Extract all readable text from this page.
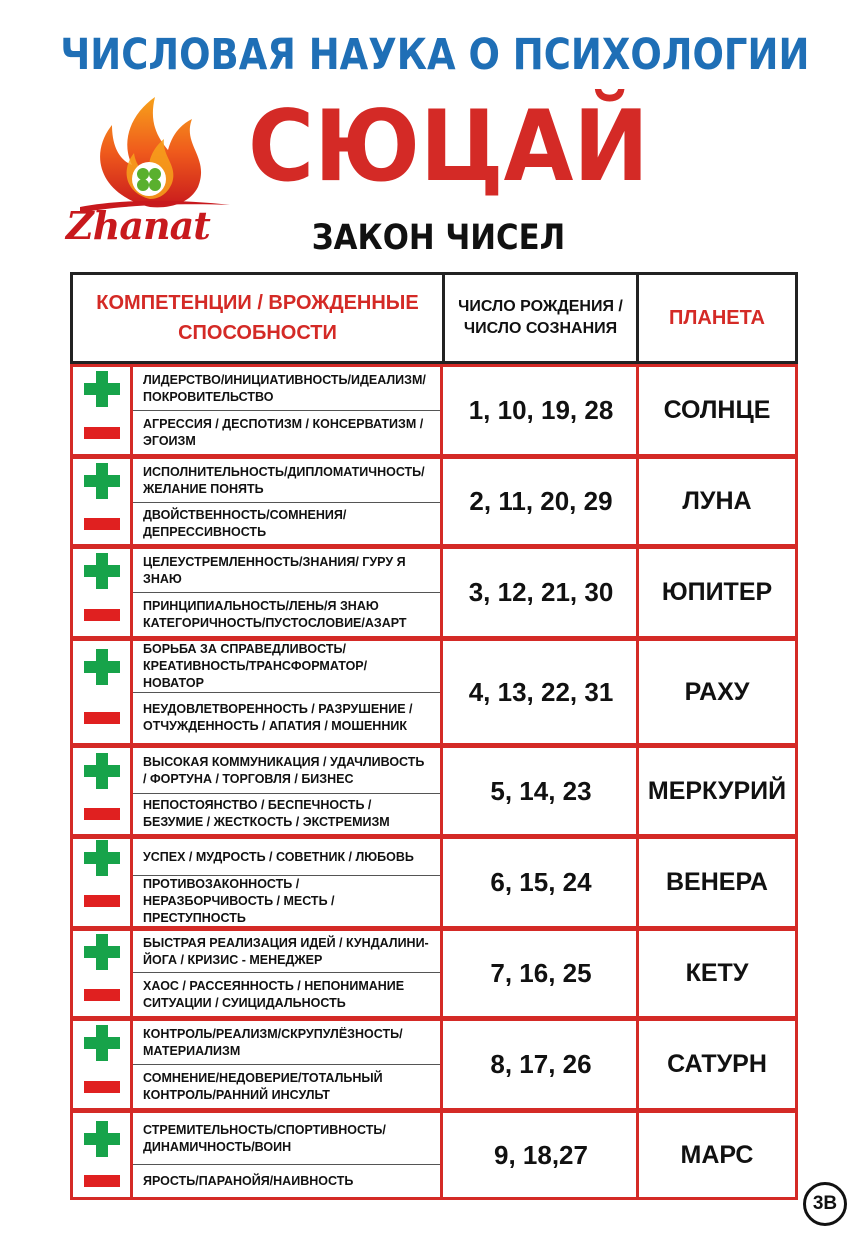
ЧИСЛОВАЯ НАУКА О ПСИХОЛОГИИ
Zhanat
СЮЦАЙ
ЗАКОН ЧИСЕЛ
КОМПЕТЕНЦИИ / ВРОЖДЕННЫЕ СПОСОБНОСТИ
ЧИСЛО РОЖДЕНИЯ / ЧИСЛО СОЗНАНИЯ	ПЛАНЕТА
ЛИДЕРСТВО/ИНИЦИАТИВНОСТЬ/ИДЕАЛИЗМ/ ПОКРОВИТЕЛЬСТВО
АГРЕССИЯ / ДЕСПОТИЗМ / КОНСЕРВАТИЗМ / ЭГОИЗМ
1, 10, 19, 28	СОЛНЦЕ
ИСПОЛНИТЕЛЬНОСТЬ/ДИПЛОМАТИЧНОСТЬ/ ЖЕЛАНИЕ ПОНЯТЬ
ДВОЙСТВЕННОСТЬ/СОМНЕНИЯ/ ДЕПРЕССИВНОСТЬ
2, 11, 20, 29	ЛУНА
ЦЕЛЕУСТРЕМЛЕННОСТЬ/ЗНАНИЯ/ ГУРУ Я ЗНАЮ
ПРИНЦИПИАЛЬНОСТЬ/ЛЕНЬ/Я ЗНАЮ КАТЕГОРИЧНОСТЬ/ПУСТОСЛОВИЕ/АЗАРТ
3, 12, 21, 30	ЮПИТЕР
БОРЬБА ЗА СПРАВЕДЛИВОСТЬ/ КРЕАТИВНОСТЬ/ТРАНСФОРМАТОР/ НОВАТОР
НЕУДОВЛЕТВОРЕННОСТЬ / РАЗРУШЕНИЕ / ОТЧУЖДЕННОСТЬ / АПАТИЯ / МОШЕННИК
4, 13, 22, 31	РАХУ
ВЫСОКАЯ КОММУНИКАЦИЯ / УДАЧЛИВОСТЬ / ФОРТУНА / ТОРГОВЛЯ / БИЗНЕС
НЕПОСТОЯНСТВО / БЕСПЕЧНОСТЬ / БЕЗУМИЕ / ЖЕСТКОСТЬ / ЭКСТРЕМИЗМ
5, 14, 23	МЕРКУРИЙ
УСПЕХ / МУДРОСТЬ / СОВЕТНИК / ЛЮБОВЬ
ПРОТИВОЗАКОННОСТЬ / НЕРАЗБОРЧИВОСТЬ / МЕСТЬ / ПРЕСТУПНОСТЬ
6, 15, 24	ВЕНЕРА
БЫСТРАЯ РЕАЛИЗАЦИЯ ИДЕЙ / КУНДАЛИНИ-ЙОГА / КРИЗИС - МЕНЕДЖЕР
ХАОС / РАССЕЯННОСТЬ / НЕПОНИМАНИЕ СИТУАЦИИ / СУИЦИДАЛЬНОСТЬ
7, 16, 25	КЕТУ
КОНТРОЛЬ/РЕАЛИЗМ/СКРУПУЛЁЗНОСТЬ/ МАТЕРИАЛИЗМ
СОМНЕНИЕ/НЕДОВЕРИЕ/ТОТАЛЬНЫЙ КОНТРОЛЬ/РАННИЙ ИНСУЛЬТ
8, 17, 26	САТУРН
СТРЕМИТЕЛЬНОСТЬ/СПОРТИВНОСТЬ/ ДИНАМИЧНОСТЬ/ВОИН
ЯРОСТЬ/ПАРАНОЙЯ/НАИВНОСТЬ
9, 18,27	МАРС
3В
